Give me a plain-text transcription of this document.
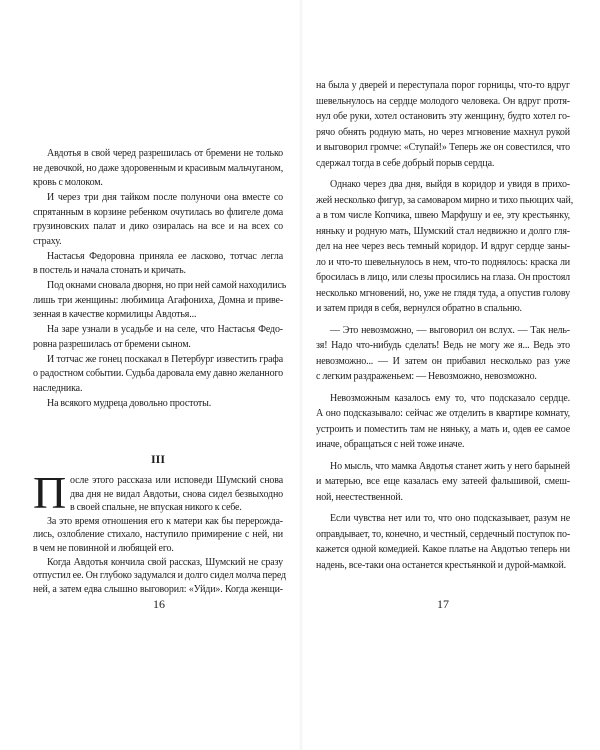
Авдотья в свой черед разрешилась от бремени не только
не девочкой, но даже здоровенным и красивым мальчуганом,
кровь с молоком.
И через три дня тайком после полуночи она вместе со
спрятанным в корзине ребенком очутилась во флигеле дома
грузиновских палат и дико озиралась на все и на всех со
страху.
Настасья Федоровна приняла ее ласково, тотчас легла
в постель и начала стонать и кричать.
Под окнами сновала дворня, но при ней самой находились
лишь три женщины: любимица Агафониха, Домна и приве-
зенная в качестве кормилицы Авдотья...
На заре узнали в усадьбе и на селе, что Настасья Федо-
ровна разрешилась от бремени сыном.
И тотчас же гонец поскакал в Петербург известить графа
о радостном событии. Судьба даровала ему давно желанного
наследника.
На всякого мудреца довольно простоты.
III
П осле этого рассказа или исповеди Шумский снова
два дня не видал Авдотьи, снова сидел безвыходно
в своей спальне, не впуская никого к себе.
За это время отношения его к матери как бы перерожда-
лись, озлобление стихало, наступило примирение с ней, ни
в чем не повинной и любящей его.
Когда Авдотья кончила свой рассказ, Шумский не сразу
отпустил ее. Он глубоко задумался и долго сидел молча перед
ней, а затем едва слышно выговорил: «Уйди». Когда женщи-
16
на была у дверей и переступала порог горницы, что-то вдруг
шевельнулось на сердце молодого человека. Он вдруг протя-
нул обе руки, хотел остановить эту женщину, будто хотел го-
рячо обнять родную мать, но через мгновение махнул рукой
и выговорил громче: «Ступай!» Теперь же он совестился, что
сдержал тогда в себе добрый порыв сердца.
Однако через два дня, выйдя в коридор и увидя в прихо-
жей несколько фигур, за самоваром мирно и тихо пьющих чай,
а в том числе Копчика, швею Марфушу и ее, эту крестьянку,
няньку и родную мать, Шумский стал недвижно и долго гля-
дел на нее через весь темный коридор. И вдруг сердце заны-
ло и что-то шевельнулось в нем, что-то поднялось: краска ли
бросилась в лицо, или слезы просились на глаза. Он простоял
несколько мгновений, но, уже не глядя туда, а опустив голову
и затем придя в себя, вернулся обратно в спальню.
— Это невозможно, — выговорил он вслух. — Так нель-
зя! Надо что-нибудь сделать! Ведь не могу же я... Ведь это
невозможно... — И затем он прибавил несколько раз уже
с легким раздраженьем: — Невозможно, невозможно.
Невозможным казалось ему то, что подсказало сердце.
А оно подсказывало: сейчас же отделить в квартире комнату,
устроить и поместить там не няньку, а мать и, одев ее самое
иначе, обращаться с ней тоже иначе.
Но мысль, что мамка Авдотья станет жить у него барыней
и матерью, все еще казалась ему затеей фальшивой, смеш-
ной, неестественной.
Если чувства нет или то, что оно подсказывает, разум не
оправдывает, то, конечно, и честный, сердечный поступок по-
кажется одной комедией. Какое платье на Авдотью теперь ни
надень, все-таки она останется крестьянкой и дурой-мамкой.
17
